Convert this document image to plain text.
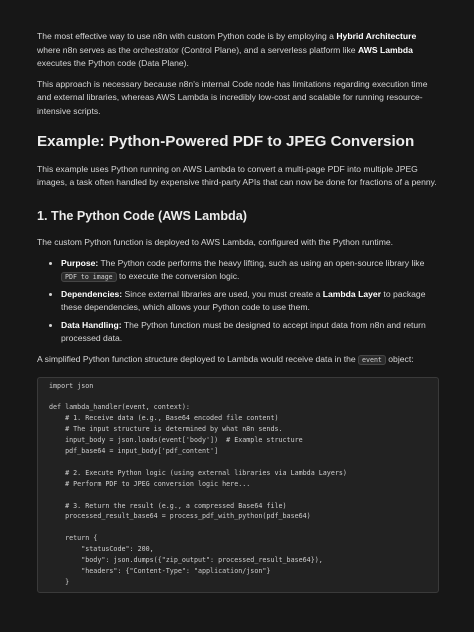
The most effective way to use n8n with custom Python code is by employing a Hybrid Architecture where n8n serves as the orchestrator (Control Plane), and a serverless platform like AWS Lambda executes the Python code (Data Plane).

This approach is necessary because n8n's internal Code node has limitations regarding execution time and external libraries, whereas AWS Lambda is incredibly low-cost and scalable for running resource-intensive scripts.

Example: Python-Powered PDF to JPEG Conversion

This example uses Python running on AWS Lambda to convert a multi-page PDF into multiple JPEG images, a task often handled by expensive third-party APIs that can now be done for fractions of a penny.

1. The Python Code (AWS Lambda)

The custom Python function is deployed to AWS Lambda, configured with the Python runtime.

• Purpose: The Python code performs the heavy lifting, such as using an open-source library like PDF to image to execute the conversion logic.
• Dependencies: Since external libraries are used, you must create a Lambda Layer to package these dependencies, which allows your Python code to use them.
• Data Handling: The Python function must be designed to accept input data from n8n and return processed data.

A simplified Python function structure deployed to Lambda would receive data in the event object:

import json

def lambda_handler(event, context):
# 1. Receive data (e.g., Base64 encoded file content)
# The input structure is determined by what n8n sends.
input_body = json.loads(event['body'])  # Example structure
pdf_base64 = input_body['pdf_content']

# 2. Execute Python logic (using external libraries via Lambda Layers)
# Perform PDF to JPEG conversion logic here...

# 3. Return the result (e.g., a compressed Base64 file)
processed_result_base64 = process_pdf_with_python(pdf_base64)

return {
"statusCode": 200,
"body": json.dumps({"zip_output": processed_result_base64}),
"headers": {"Content-Type": "application/json"}
}
